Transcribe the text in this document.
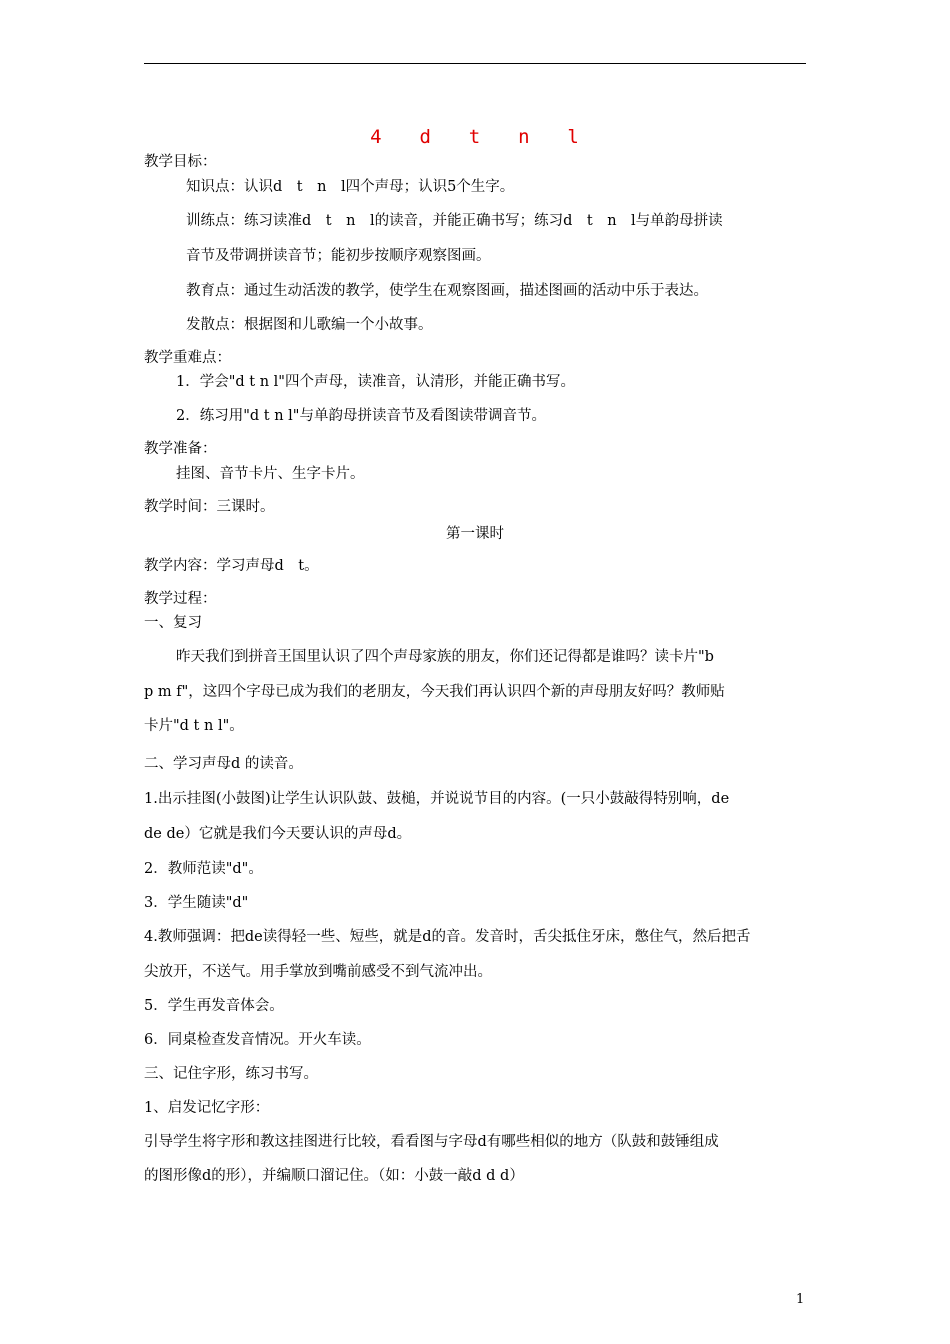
4  d  t  n  l
教学目标：
知识点：认识d　t　n　l四个声母；认识5个生字。
训练点：练习读准d　t　n　l的读音，并能正确书写；练习d　t　n　l与单韵母拼读
音节及带调拼读音节；能初步按顺序观察图画。
教育点：通过生动活泼的教学，使学生在观察图画，描述图画的活动中乐于表达。
发散点：根据图和儿歌编一个小故事。
教学重难点：
1．学会"d t n l"四个声母，读准音，认清形，并能正确书写。
2．练习用"d t n l"与单韵母拼读音节及看图读带调音节。
教学准备：
挂图、音节卡片、生字卡片。
教学时间：三课时。
第一课时
教学内容：学习声母d　t。
教学过程：
一、复习
昨天我们到拼音王国里认识了四个声母家族的朋友，你们还记得都是谁吗？读卡片"b
p m f"，这四个字母已成为我们的老朋友，今天我们再认识四个新的声母朋友好吗？教师贴
卡片"d t n l"。
二、学习声母d 的读音。
1.出示挂图(小鼓图)让学生认识队鼓、鼓槌，并说说节目的内容。(一只小鼓敲得特别响，de
de de）它就是我们今天要认识的声母d。
2．教师范读"d"。
3．学生随读"d"
4.教师强调：把de读得轻一些、短些，就是d的音。发音时，舌尖抵住牙床，憋住气，然后把舌
尖放开，不送气。用手掌放到嘴前感受不到气流冲出。
5．学生再发音体会。
6．同桌检查发音情况。开火车读。
三、记住字形，练习书写。
1、启发记忆字形：
引导学生将字形和教这挂图进行比较，看看图与字母d有哪些相似的地方（队鼓和鼓锤组成
的图形像d的形），并编顺口溜记住。（如：小鼓一敲d d d）
1
